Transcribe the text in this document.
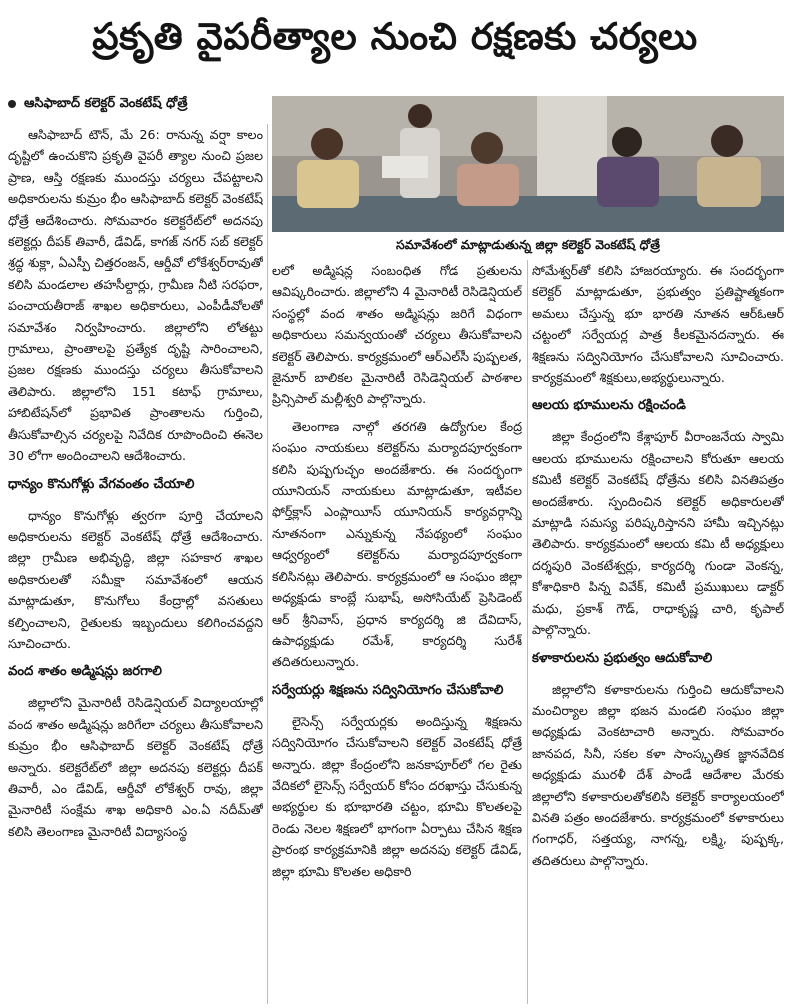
ప్రకృతి వైపరీత్యాల నుంచి రక్షణకు చర్యలు
ఆసిఫాబాద్ కలెక్టర్ వెంకటేష్ ధోత్రే
సమావేశంలో మాట్లాడుతున్న జిల్లా కలెక్టర్ వెంకటేష్ ధోత్రే

ఆసిఫాబాద్ టౌన్, మే 26: రానున్న వర్షా కాలం దృష్టిలో ఉంచుకొని ప్రకృతి వైపరీ త్యాల నుంచి ప్రజల ప్రాణ, ఆస్తి రక్షణకు ముందస్తు చర్యలు చేపట్టాలని అధికారులను కుమ్రం భీం ఆసిఫాబాద్ కలెక్టర్ వెంకటేష్ ధోత్రే ఆదేశించారు. సోమవారం కలెక్టరేట్‌లో అదనపు కలెక్టర్లు దీపక్ తివారీ, డేవిడ్, కాగజ్ నగర్ సబ్ కలెక్టర్ శ్రద్ధ శుక్లా, ఏఎస్పీ చిత్తరంజన్, ఆర్డీవో లోకేశ్వర్‌రావుతో కలిసి మండలాల తహసీల్దార్లు, గ్రామీణ నీటి సరఫరా, పంచాయతీరాజ్ శాఖల అధికారులు, ఎంపీడీవోలతో సమావేశం నిర్వహించారు. జిల్లాలోని లోతట్టు గ్రామాలు, ప్రాంతాలపై ప్రత్యేక దృష్టి సారించాలని, ప్రజల రక్షణకు ముందస్తు చర్యలు తీసుకోవాలని తెలిపారు. జిల్లాలోని 151 కటాఫ్ గ్రామాలు, హాబిటేషన్‌లో ప్రభావిత ప్రాంతాలను గుర్తించి, తీసుకోవాల్సిన చర్యలపై నివేదిక రూపొందించి ఈనెల 30 లోగా అందించాలని ఆదేశించారు.

ధాన్యం కొనుగోళ్లు వేగవంతం చేయాలి

ధాన్యం కొనుగోళ్లు త్వరగా పూర్తి చేయాలని అధికారులను కలెక్టర్ వెంకటేష్ ధోత్రే ఆదేశించారు. జిల్లా గ్రామీణ అభివృద్ధి, జిల్లా సహకార శాఖల అధికారులతో సమీక్షా సమావేశంలో ఆయన మాట్లాడుతూ, కొనుగోలు కేంద్రాల్లో వసతులు కల్పించాలని, రైతులకు ఇబ్బందులు కలిగించవద్దని సూచించారు.

వంద శాతం అడ్మిషన్లు జరగాలి

జిల్లాలోని మైనారిటీ రెసిడెన్షియల్ విద్యాలయాల్లో వంద శాతం అడ్మిషన్లు జరిగేలా చర్యలు తీసుకోవాలని కుమ్రం భీం ఆసిఫాబాద్ కలెక్టర్ వెంకటేష్ ధోత్రే అన్నారు. కలెక్టరేట్‌లో జిల్లా అదనపు కలెక్టర్లు దీపక్ తివారీ, ఎం డేవిడ్, ఆర్డీవో లోకేశ్వర్ రావు, జిల్లా మైనారిటీ సంక్షేమ శాఖ అధికారి ఎం.ఏ నదీమ్‌తో కలిసి తెలంగాణ మైనారిటీ విద్యాసంస్థ

లలో అడ్మిషన్ల సంబంధిత గోడ ప్రతులను ఆవిష్కరించారు. జిల్లాలోని 4 మైనారిటీ రెసిడెన్షియల్ సంస్థల్లో వంద శాతం అడ్మిషన్లు జరిగే విధంగా అధికారులు సమన్వయంతో చర్యలు తీసుకోవాలని కలెక్టర్ తెలిపారు. కార్యక్రమంలో ఆర్‌ఎల్‌సీ పుష్పలత, జైనూర్ బాలికల మైనారిటీ రెసిడెన్షియల్ పాఠశాల ప్రిన్సిపాల్ మల్లీశ్వరి పాల్గొన్నారు.

తెలంగాణ నాల్గో తరగతి ఉద్యోగుల కేంద్ర సంఘం నాయకులు కలెక్టర్‌ను మర్యాదపూర్వకంగా కలిసి పుష్పగుచ్ఛం అందజేశారు. ఈ సందర్భంగా యూనియన్ నాయకులు మాట్లాడుతూ, ఇటీవల ఫోర్త్‌క్లాస్ ఎంప్లాయీస్ యూనియన్ కార్యవర్గాన్ని నూతనంగా ఎన్నుకున్న నేపథ్యంలో సంఘం ఆధ్వర్యంలో కలెక్టర్‌ను మర్యాదపూర్వకంగా కలిసినట్లు తెలిపారు. కార్యక్రమంలో ఆ సంఘం జిల్లా అధ్యక్షుడు కాంబ్లే సుభాష్, అసోసియేట్ ప్రెసిడెంట్ ఆర్ శ్రీనివాస్, ప్రధాన కార్యదర్శి జి దేవిదాస్, ఉపాధ్యక్షుడు రమేశ్, కార్యదర్శి సురేశ్ తదితరులున్నారు.

సర్వేయర్లు శిక్షణను సద్వినియోగం చేసుకోవాలి

లైసెన్స్ సర్వేయర్లకు అందిస్తున్న శిక్షణను సద్వినియోగం చేసుకోవాలని కలెక్టర్ వెంకటేష్ ధోత్రే అన్నారు. జిల్లా కేంద్రంలోని జనకాపూర్‌లో గల రైతు వేదికలో లైసెన్స్ సర్వేయర్ కోసం దరఖాస్తు చేసుకున్న అభ్యర్థుల కు భూభారతి చట్టం, భూమి కొలతలపై రెండు నెలల శిక్షణలో భాగంగా ఏర్పాటు చేసిన శిక్షణ ప్రారంభ కార్యక్రమానికి జిల్లా అదనపు కలెక్టర్ డేవిడ్, జిల్లా భూమి కొలతల అధికారి

సోమేశ్వర్‌తో కలిసి హాజరయ్యారు. ఈ సందర్భంగా కలెక్టర్ మాట్లాడుతూ, ప్రభుత్వం ప్రతిష్టాత్మకంగా అమలు చేస్తున్న భూ భారతి నూతన ఆర్‌ఓఆర్ చట్టంలో సర్వేయర్ల పాత్ర కీలకమైనదన్నారు. ఈ శిక్షణను సద్వినియోగం చేసుకోవాలని సూచించారు. కార్యక్రమంలో శిక్షకులు,అభ్యర్థులున్నారు.

ఆలయ భూములను రక్షించండి

జిల్లా కేంద్రంలోని కేశ్లాపూర్ వీరాంజనేయ స్వామి ఆలయ భూములను రక్షించాలని కోరుతూ ఆలయ కమిటీ కలెక్టర్ వెంకటేష్ ధోత్రేను కలిసి వినతిపత్రం అందజేశారు. స్పందించిన కలెక్టర్ అధికారులతో మాట్లాడి సమస్య పరిష్కరిస్తానని హామీ ఇచ్చినట్లు తెలిపారు. కార్యక్రమంలో ఆలయ కమి టీ అధ్యక్షులు దర్శపురి వెంకటేశ్వర్లు, కార్యదర్శి గుండా వెంకన్న, కోశాధికారి పిన్న వివేక్, కమిటీ ప్రముఖులు డాక్టర్ మధు, ప్రకాశ్ గౌడ్, రాధాకృష్ణ చారి, కృపాల్ పాల్గొన్నారు.

కళాకారులను ప్రభుత్వం ఆదుకోవాలి

జిల్లాలోని కళాకారులను గుర్తించి ఆదుకోవాలని మంచిర్యాల జిల్లా భజన మండలి సంఘం జిల్లా అధ్యక్షుడు వెంకటాచారి అన్నారు. సోమవారం జానపద, సినీ, సకల కళా సాంస్కృతిక జ్ఞానవేదిక అధ్యక్షుడు మురళీ దేశ్ పాండే ఆదేశాల మేరకు జిల్లాలోని కళాకారులతోకలిసి కలెక్టర్ కార్యాలయంలో వినతి పత్రం అందజేశారు. కార్యక్రమంలో కళాకారులు గంగాధర్, సత్తయ్య, నాగన్న, లక్ష్మి, పుష్పక్క, తదితరులు పాల్గొన్నారు.
